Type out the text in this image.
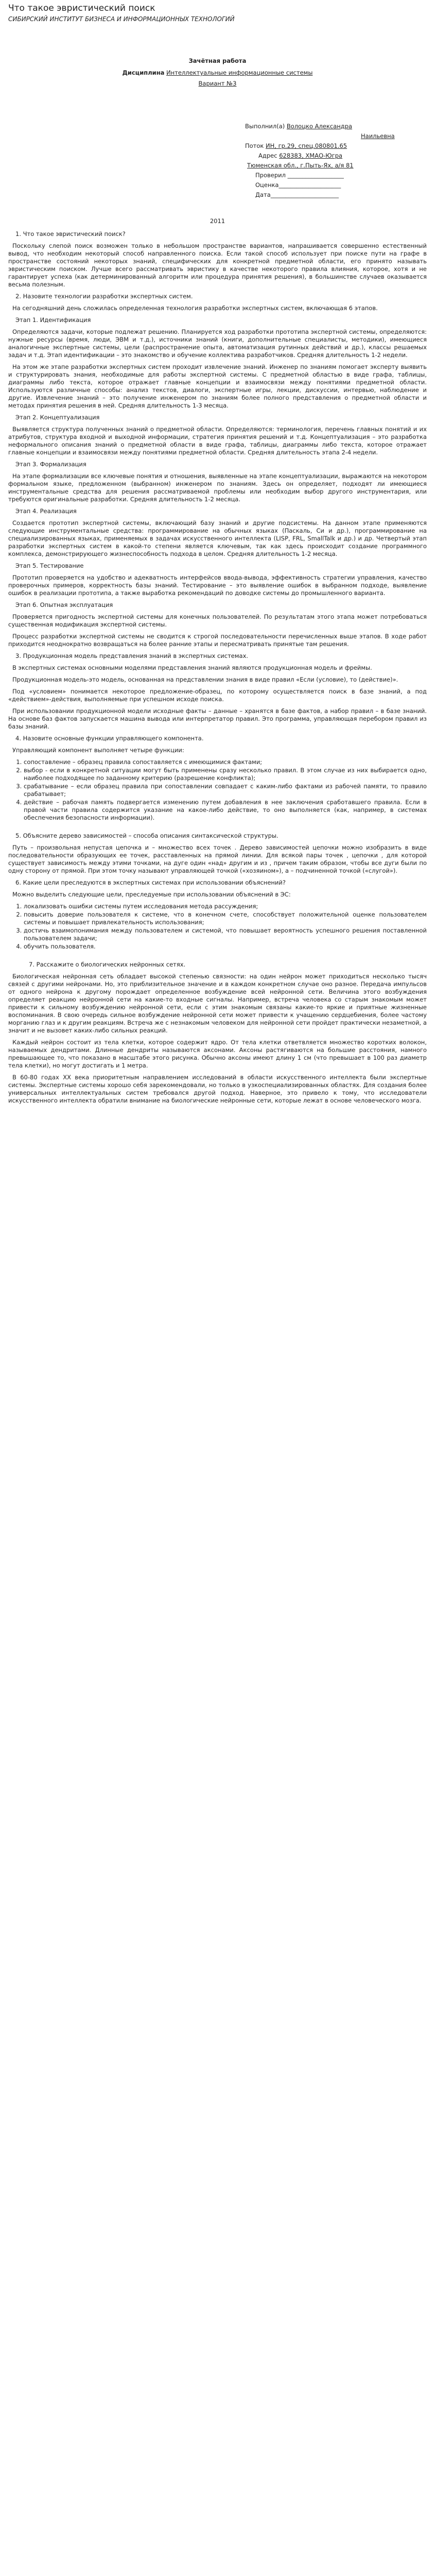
Что такое эвристический поиск
СИБИРСКИЙ ИНСТИТУТ БИЗНЕСА И ИНФОРМАЦИОННЫХ ТЕХНОЛОГИЙ
Зачётная работа
Дисциплина Интеллектуальные информационные системы
Вариант №3
Выполнил(а) Волоцко Александра
Наильевна
Поток ИН, гр.29, спец.080801.65
Адрес 628383, ХМАО-Югра
Тюменская обл., г.Пыть-Ях, а/я 81
Проверил ___________________
Оценка_____________________
Дата_______________________
2011
1. Что такое эвристический поиск?

Поскольку слепой поиск возможен только в небольшом пространстве вариантов, напрашивается совершенно естественный вывод, что необходим некоторый способ направленного поиска. Если такой способ использует при поиске пути на графе в пространстве состояний некоторых знаний, специфических для конкретной предметной области, его принято называть эвристическим поиском. Лучше всего рассматривать эвристику в качестве некоторого правила влияния, которое, хотя и не гарантирует успеха (как детерминированный алгоритм или процедура принятия решения), в большинстве случаев оказывается весьма полезным.

2. Назовите технологии разработки экспертных систем.

На сегодняшний день сложилась определенная технология разработки экспертных систем, включающая 6 этапов.

Этап 1. Идентификация

Определяются задачи, которые подлежат решению. Планируется ход разработки прототипа экспертной системы, определяются: нужные ресурсы (время, люди, ЭВМ и т.д.), источники знаний (книги, дополнительные специалисты, методики), имеющиеся аналогичные экспертные системы, цели (распространение опыта, автоматизация рутинных действий и др.), классы решаемых задач и т.д. Этап идентификации – это знакомство и обучение коллектива разработчиков. Средняя длительность 1-2 недели.

На этом же этапе разработки экспертных систем проходит извлечение знаний. Инженер по знаниям помогает эксперту выявить и структурировать знания, необходимые для работы экспертной системы. С предметной областью в виде графа, таблицы, диаграммы либо текста, которое отражает главные концепции и взаимосвязи между понятиями предметной области. Используются различные способы: анализ текстов, диалоги, экспертные игры, лекции, дискуссии, интервью, наблюдение и другие. Извлечение знаний – это получение инженером по знаниям более полного представления о предметной области и методах принятия решения в ней. Средняя длительность 1-3 месяца.

Этап 2. Концептуализация

Выявляется структура полученных знаний о предметной области. Определяются: терминология, перечень главных понятий и их атрибутов, структура входной и выходной информации, стратегия принятия решений и т.д. Концептуализация – это разработка неформального описания знаний о предметной области в виде графа, таблицы, диаграммы либо текста, которое отражает главные концепции и взаимосвязи между понятиями предметной области. Средняя длительность этапа 2-4 недели.

Этап 3. Формализация

На этапе формализации все ключевые понятия и отношения, выявленные на этапе концептуализации, выражаются на некотором формальном языке, предложенном (выбранном) инженером по знаниям. Здесь он определяет, подходят ли имеющиеся инструментальные средства для решения рассматриваемой проблемы или необходим выбор другого инструментария, или требуются оригинальные разработки. Средняя длительность 1-2 месяца.

Этап 4. Реализация

Создается прототип экспертной системы, включающий базу знаний и другие подсистемы. На данном этапе применяются следующие инструментальные средства: программирование на обычных языках (Паскаль, Си и др.), программирование на специализированных языках, применяемых в задачах искусственного интеллекта (LISP, FRL, SmallTalk и др.) и др. Четвертый этап разработки экспертных систем в какой-то степени является ключевым, так как здесь происходит создание программного комплекса, демонстрирующего жизнеспособность подхода в целом. Средняя длительность 1-2 месяца.

Этап 5. Тестирование

Прототип проверяется на удобство и адекватность интерфейсов ввода-вывода, эффективность стратегии управления, качество проверочных примеров, корректность базы знаний. Тестирование – это выявление ошибок в выбранном подходе, выявление ошибок в реализации прототипа, а также выработка рекомендаций по доводке системы до промышленного варианта.

Этап 6. Опытная эксплуатация

Проверяется пригодность экспертной системы для конечных пользователей. По результатам этого этапа может потребоваться существенная модификация экспертной системы.

Процесс разработки экспертной системы не сводится к строгой последовательности перечисленных выше этапов. В ходе работ приходится неоднократно возвращаться на более ранние этапы и пересматривать принятые там решения.

3. Продукционная модель представления знаний в экспертных системах.

В экспертных системах основными моделями представления знаний являются продукционная модель и фреймы.

Продукционная модель-это модель, основанная на представлении знания в виде правил «Если (условие), то (действие)».

Под «условием» понимается некоторое предложение-образец, по которому осуществляется поиск в базе знаний, а под «действием»-действия, выполняемые при успешном исходе поиска.

При использовании продукционной модели исходные факты – данные – хранятся в базе фактов, а набор правил – в базе знаний. На основе баз фактов запускается машина вывода или интерпретатор правил. Это программа, управляющая перебором правил из базы знаний.

4. Назовите основные функции управляющего компонента.

Управляющий компонент выполняет четыре функции:

1. сопоставление – образец правила сопоставляется с имеющимися фактами;
2. выбор - если в конкретной ситуации могут быть применены сразу несколько правил. В этом случае из них выбирается одно, наиболее подходящее по заданному критерию (разрешение конфликта);
3. срабатывание – если образец правила при сопоставлении совпадает с каким-либо фактами из рабочей памяти, то правило срабатывает;
4. действие – рабочая память подвергается изменению путем добавления в нее заключения сработавшего правила. Если в правой части правила содержится указание на какое-либо действие, то оно выполняется (как, например, в системах обеспечения безопасности информации).
5. Объясните дерево зависимостей – способа описания синтаксической структуры.

Путь – произвольная непустая цепочка и – множество всех точек . Дерево зависимостей цепочки можно изобразить в виде последовательности образующих ее точек, расставленных на прямой линии. Для всякой пары точек , цепочки , для которой существует зависимость между этими точками, на дуге один «над» другим и из , причем таким образом, чтобы все дуги были по одну сторону от прямой. При этом точку называют управляющей точкой («хозяином»), а – подчиненной точкой («слугой»).

6. Какие цели преследуются в экспертных системах при использовании объяснений?

Можно выделить следующие цели, преследуемые при использовании объяснений в ЭС:

1. локализовать ошибки системы путем исследования метода рассуждения;
2. повысить доверие пользователя к системе, что в конечном счете, способствует положительной оценке пользователем системы и повышает привлекательность использования;
3. достичь взаимопонимания между пользователем и системой, что повышает вероятность успешного решения поставленной пользователем задачи;
4. обучить пользователя.
7. Расскажите о биологических нейронных сетях.

Биологическая нейронная сеть обладает высокой степенью связности: на один нейрон может приходиться несколько тысяч связей с другими нейронами. Но, это приблизительное значение и в каждом конкретном случае оно разное. Передача импульсов от одного нейрона к другому порождает определенное возбуждение всей нейронной сети. Величина этого возбуждения определяет реакцию нейронной сети на какие-то входные сигналы. Например, встреча человека со старым знакомым может привести к сильному возбуждению нейронной сети, если с этим знакомым связаны какие-то яркие и приятные жизненные воспоминания. В свою очередь сильное возбуждение нейронной сети может привести к учащению сердцебиения, более частому морганию глаз и к другим реакциям. Встреча же с незнакомым человеком для нейронной сети пройдет практически незаметной, а значит и не вызовет каких-либо сильных реакций.

Каждый нейрон состоит из тела клетки, которое содержит ядро. От тела клетки ответвляется множество коротких волокон, называемых дендритами. Длинные дендриты называются аксонами. Аксоны растягиваются на большие расстояния, намного превышающее то, что показано в масштабе этого рисунка. Обычно аксоны имеют длину 1 см (что превышает в 100 раз диаметр тела клетки), но могут достигать и 1 метра.

В 60-80 годах XX века приоритетным направлением исследований в области искусственного интеллекта были экспертные системы. Экспертные системы хорошо себя зарекомендовали, но только в узкоспециализированных областях. Для создания более универсальных интеллектуальных систем требовался другой подход. Наверное, это привело к тому, что исследователи искусственного интеллекта обратили внимание на биологические нейронные сети, которые лежат в основе человеческого мозга.
